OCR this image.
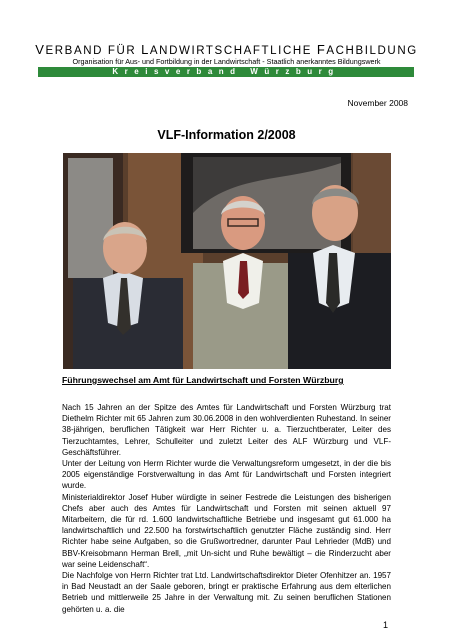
VERBAND FÜR LANDWIRTSCHAFTLICHE FACHBILDUNG
Organisation für Aus- und Fortbildung in der Landwirtschaft - Staatlich anerkanntes Bildungswerk
Kreisverband Würzburg
November 2008
VLF-Information 2/2008
Führungswechsel am Amt für Landwirtschaft und Forsten Würzburg

Nach 15 Jahren an der Spitze des Amtes für Landwirtschaft und Forsten Würzburg trat Diethelm Richter mit 65 Jahren zum 30.06.2008 in den wohlverdienten Ruhestand. In seiner 38-jährigen, beruflichen Tätigkeit war Herr Richter u. a. Tierzuchtberater, Leiter des Tierzuchtamtes, Lehrer, Schulleiter und zuletzt Leiter des ALF Würzburg und VLF-Geschäftsführer.

Unter der Leitung von Herrn Richter wurde die Verwaltungsreform umgesetzt, in der die bis 2005 eigenständige Forstverwaltung in das Amt für Landwirtschaft und Forsten integriert wurde.

Ministerialdirektor Josef Huber würdigte in seiner Festrede die Leistungen des bisherigen Chefs aber auch des Amtes für Landwirtschaft und Forsten mit seinen aktuell 97 Mitarbeitern, die für rd. 1.600 landwirtschaftliche Betriebe und insgesamt gut 61.000 ha landwirtschaftlich und 22.500 ha forstwirtschaftlich genutzter Fläche zuständig sind. Herr Richter habe seine Aufgaben, so die Grußwortredner, darunter Paul Lehrieder (MdB) und BBV-Kreisobmann Herman Brell, „mit Un-sicht und Ruhe bewältigt – die Rinderzucht aber war seine Leidenschaft“.

Die Nachfolge von Herrn Richter trat Ltd. Landwirtschaftsdirektor Dieter Ofenhitzer an. 1957 in Bad Neustadt an der Saale geboren, bringt er praktische Erfahrung aus dem elterlichen Betrieb und mittlerweile 25 Jahre in der Verwaltung mit. Zu seinen beruflichen Stationen gehörten u. a. die

1
